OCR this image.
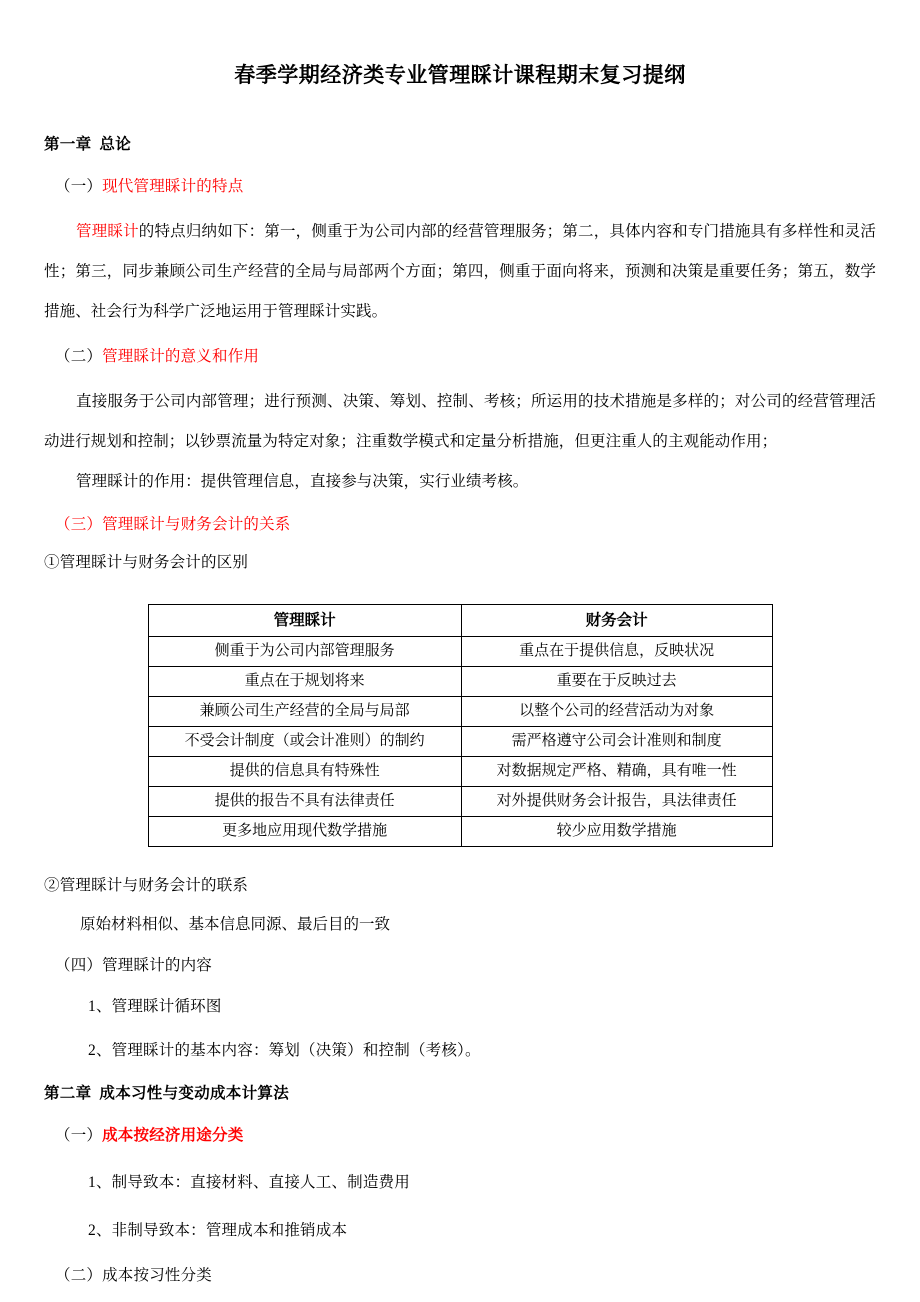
春季学期经济类专业管理睬计课程期末复习提纲

第一章 总论

（一）现代管理睬计的特点

管理睬计的特点归纳如下：第一，侧重于为公司内部的经营管理服务；第二，具体内容和专门措施具有多样性和灵活性；第三，同步兼顾公司生产经营的全局与局部两个方面；第四，侧重于面向将来，预测和决策是重要任务；第五，数学措施、社会行为科学广泛地运用于管理睬计实践。

（二）管理睬计的意义和作用

直接服务于公司内部管理；进行预测、决策、筹划、控制、考核；所运用的技术措施是多样的；对公司的经营管理活动进行规划和控制；以钞票流量为特定对象；注重数学模式和定量分析措施，但更注重人的主观能动作用；

管理睬计的作用：提供管理信息，直接参与决策，实行业绩考核。

（三）管理睬计与财务会计的关系

①管理睬计与财务会计的区别

管理睬计	财务会计
侧重于为公司内部管理服务	重点在于提供信息，反映状况
重点在于规划将来	重要在于反映过去
兼顾公司生产经营的全局与局部	以整个公司的经营活动为对象
不受会计制度（或会计准则）的制约	需严格遵守公司会计准则和制度
提供的信息具有特殊性	对数据规定严格、精确，具有唯一性
提供的报告不具有法律责任	对外提供财务会计报告，具法律责任
更多地应用现代数学措施	较少应用数学措施

②管理睬计与财务会计的联系

原始材料相似、基本信息同源、最后目的一致

（四）管理睬计的内容

1、管理睬计循环图

2、管理睬计的基本内容：筹划（决策）和控制（考核）。

第二章 成本习性与变动成本计算法

（一）成本按经济用途分类

1、制导致本：直接材料、直接人工、制造费用

2、非制导致本：管理成本和推销成本

（二）成本按习性分类
